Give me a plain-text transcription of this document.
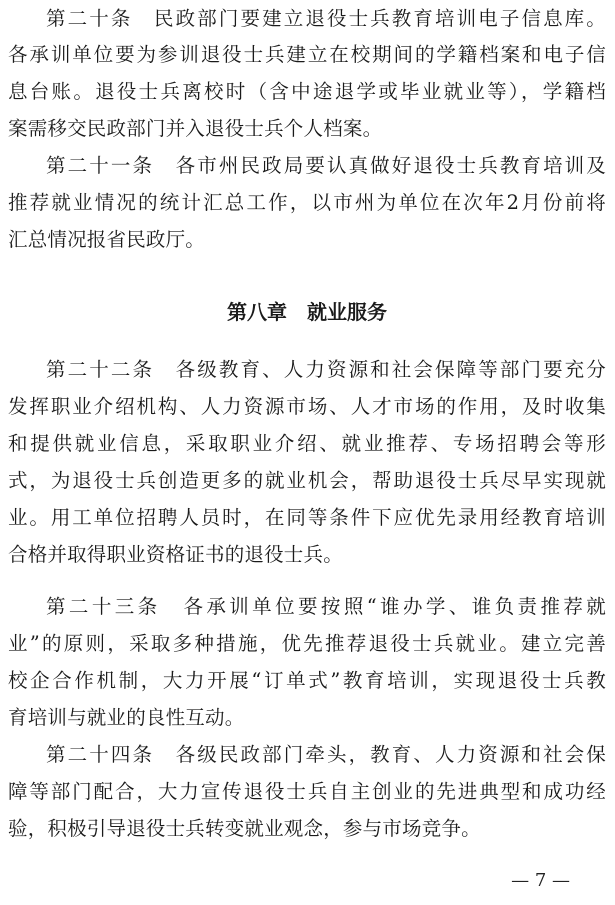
第二十条　民政部门要建立退役士兵教育培训电子信息库。
各承训单位要为参训退役士兵建立在校期间的学籍档案和电子信
息台账。退役士兵离校时（含中途退学或毕业就业等），学籍档
案需移交民政部门并入退役士兵个人档案。
第二十一条　各市州民政局要认真做好退役士兵教育培训及
推荐就业情况的统计汇总工作，以市州为单位在次年2月份前将
汇总情况报省民政厅。
第八章　就业服务
第二十二条　各级教育、人力资源和社会保障等部门要充分
发挥职业介绍机构、人力资源市场、人才市场的作用，及时收集
和提供就业信息，采取职业介绍、就业推荐、专场招聘会等形
式，为退役士兵创造更多的就业机会，帮助退役士兵尽早实现就
业。用工单位招聘人员时，在同等条件下应优先录用经教育培训
合格并取得职业资格证书的退役士兵。
第二十三条　各承训单位要按照“谁办学、谁负责推荐就
业”的原则，采取多种措施，优先推荐退役士兵就业。建立完善
校企合作机制，大力开展“订单式”教育培训，实现退役士兵教
育培训与就业的良性互动。
第二十四条　各级民政部门牵头，教育、人力资源和社会保
障等部门配合，大力宣传退役士兵自主创业的先进典型和成功经
验，积极引导退役士兵转变就业观念，参与市场竞争。
— 7 —
